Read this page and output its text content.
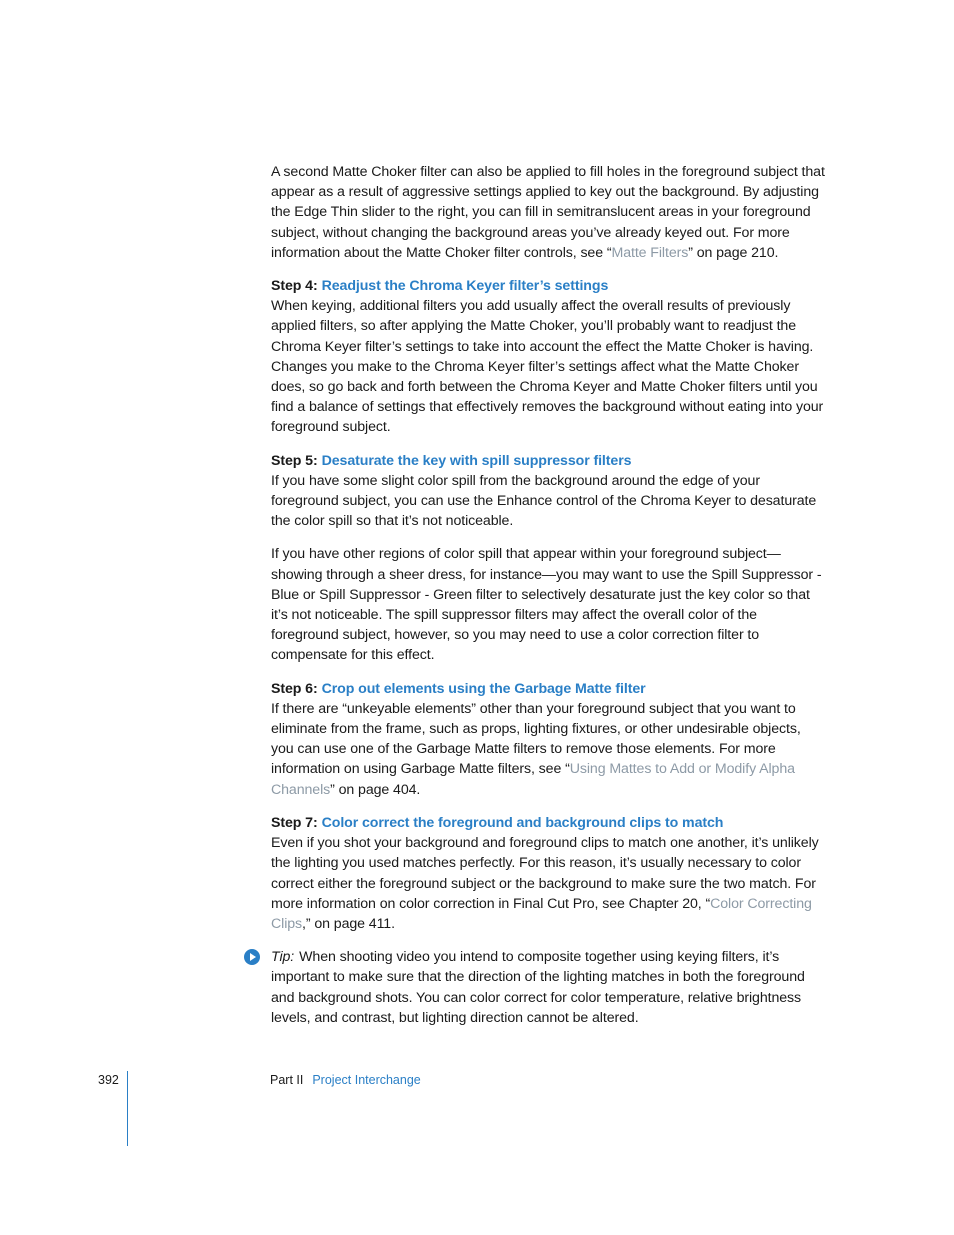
A second Matte Choker filter can also be applied to fill holes in the foreground subject that appear as a result of aggressive settings applied to key out the background. By adjusting the Edge Thin slider to the right, you can fill in semitranslucent areas in your foreground subject, without changing the background areas you’ve already keyed out. For more information about the Matte Choker filter controls, see “Matte Filters” on page 210.

Step 4: Readjust the Chroma Keyer filter’s settings

When keying, additional filters you add usually affect the overall results of previously applied filters, so after applying the Matte Choker, you’ll probably want to readjust the Chroma Keyer filter’s settings to take into account the effect the Matte Choker is having. Changes you make to the Chroma Keyer filter’s settings affect what the Matte Choker does, so go back and forth between the Chroma Keyer and Matte Choker filters until you find a balance of settings that effectively removes the background without eating into your foreground subject.

Step 5: Desaturate the key with spill suppressor filters

If you have some slight color spill from the background around the edge of your foreground subject, you can use the Enhance control of the Chroma Keyer to desaturate the color spill so that it’s not noticeable.

If you have other regions of color spill that appear within your foreground subject—showing through a sheer dress, for instance—you may want to use the Spill Suppressor - Blue or Spill Suppressor - Green filter to selectively desaturate just the key color so that it’s not noticeable. The spill suppressor filters may affect the overall color of the foreground subject, however, so you may need to use a color correction filter to compensate for this effect.

Step 6: Crop out elements using the Garbage Matte filter

If there are “unkeyable elements” other than your foreground subject that you want to eliminate from the frame, such as props, lighting fixtures, or other undesirable objects, you can use one of the Garbage Matte filters to remove those elements. For more information on using Garbage Matte filters, see “Using Mattes to Add or Modify Alpha Channels” on page 404.

Step 7: Color correct the foreground and background clips to match

Even if you shot your background and foreground clips to match one another, it’s unlikely the lighting you used matches perfectly. For this reason, it’s usually necessary to color correct either the foreground subject or the background to make sure the two match. For more information on color correction in Final Cut Pro, see Chapter 20, “Color Correcting Clips,” on page 411.

Tip: When shooting video you intend to composite together using keying filters, it’s important to make sure that the direction of the lighting matches in both the foreground and background shots. You can color correct for color temperature, relative brightness levels, and contrast, but lighting direction cannot be altered.

392	Part II Project Interchange
